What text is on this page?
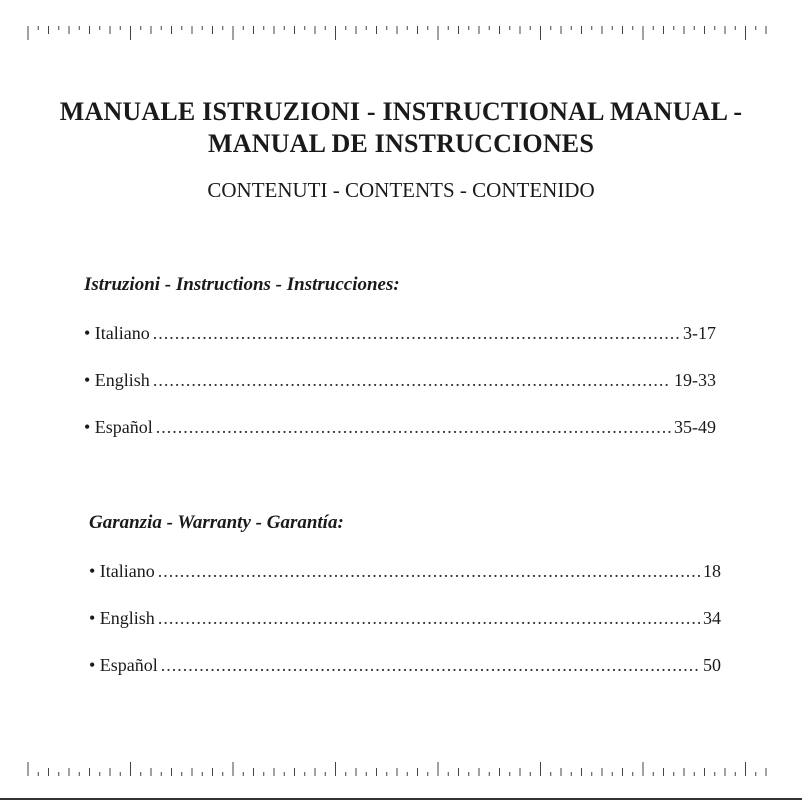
MANUALE ISTRUZIONI - INSTRUCTIONAL MANUAL - MANUAL DE INSTRUCCIONES

CONTENUTI - CONTENTS - CONTENIDO

Istruzioni - Instructions - Instrucciones:
• Italiano .....	3-17
• English .....	19-33
• Español .....	35-49
Garanzia - Warranty - Garantía:
• Italiano .....	18
• English .....	34
• Español .....	50
